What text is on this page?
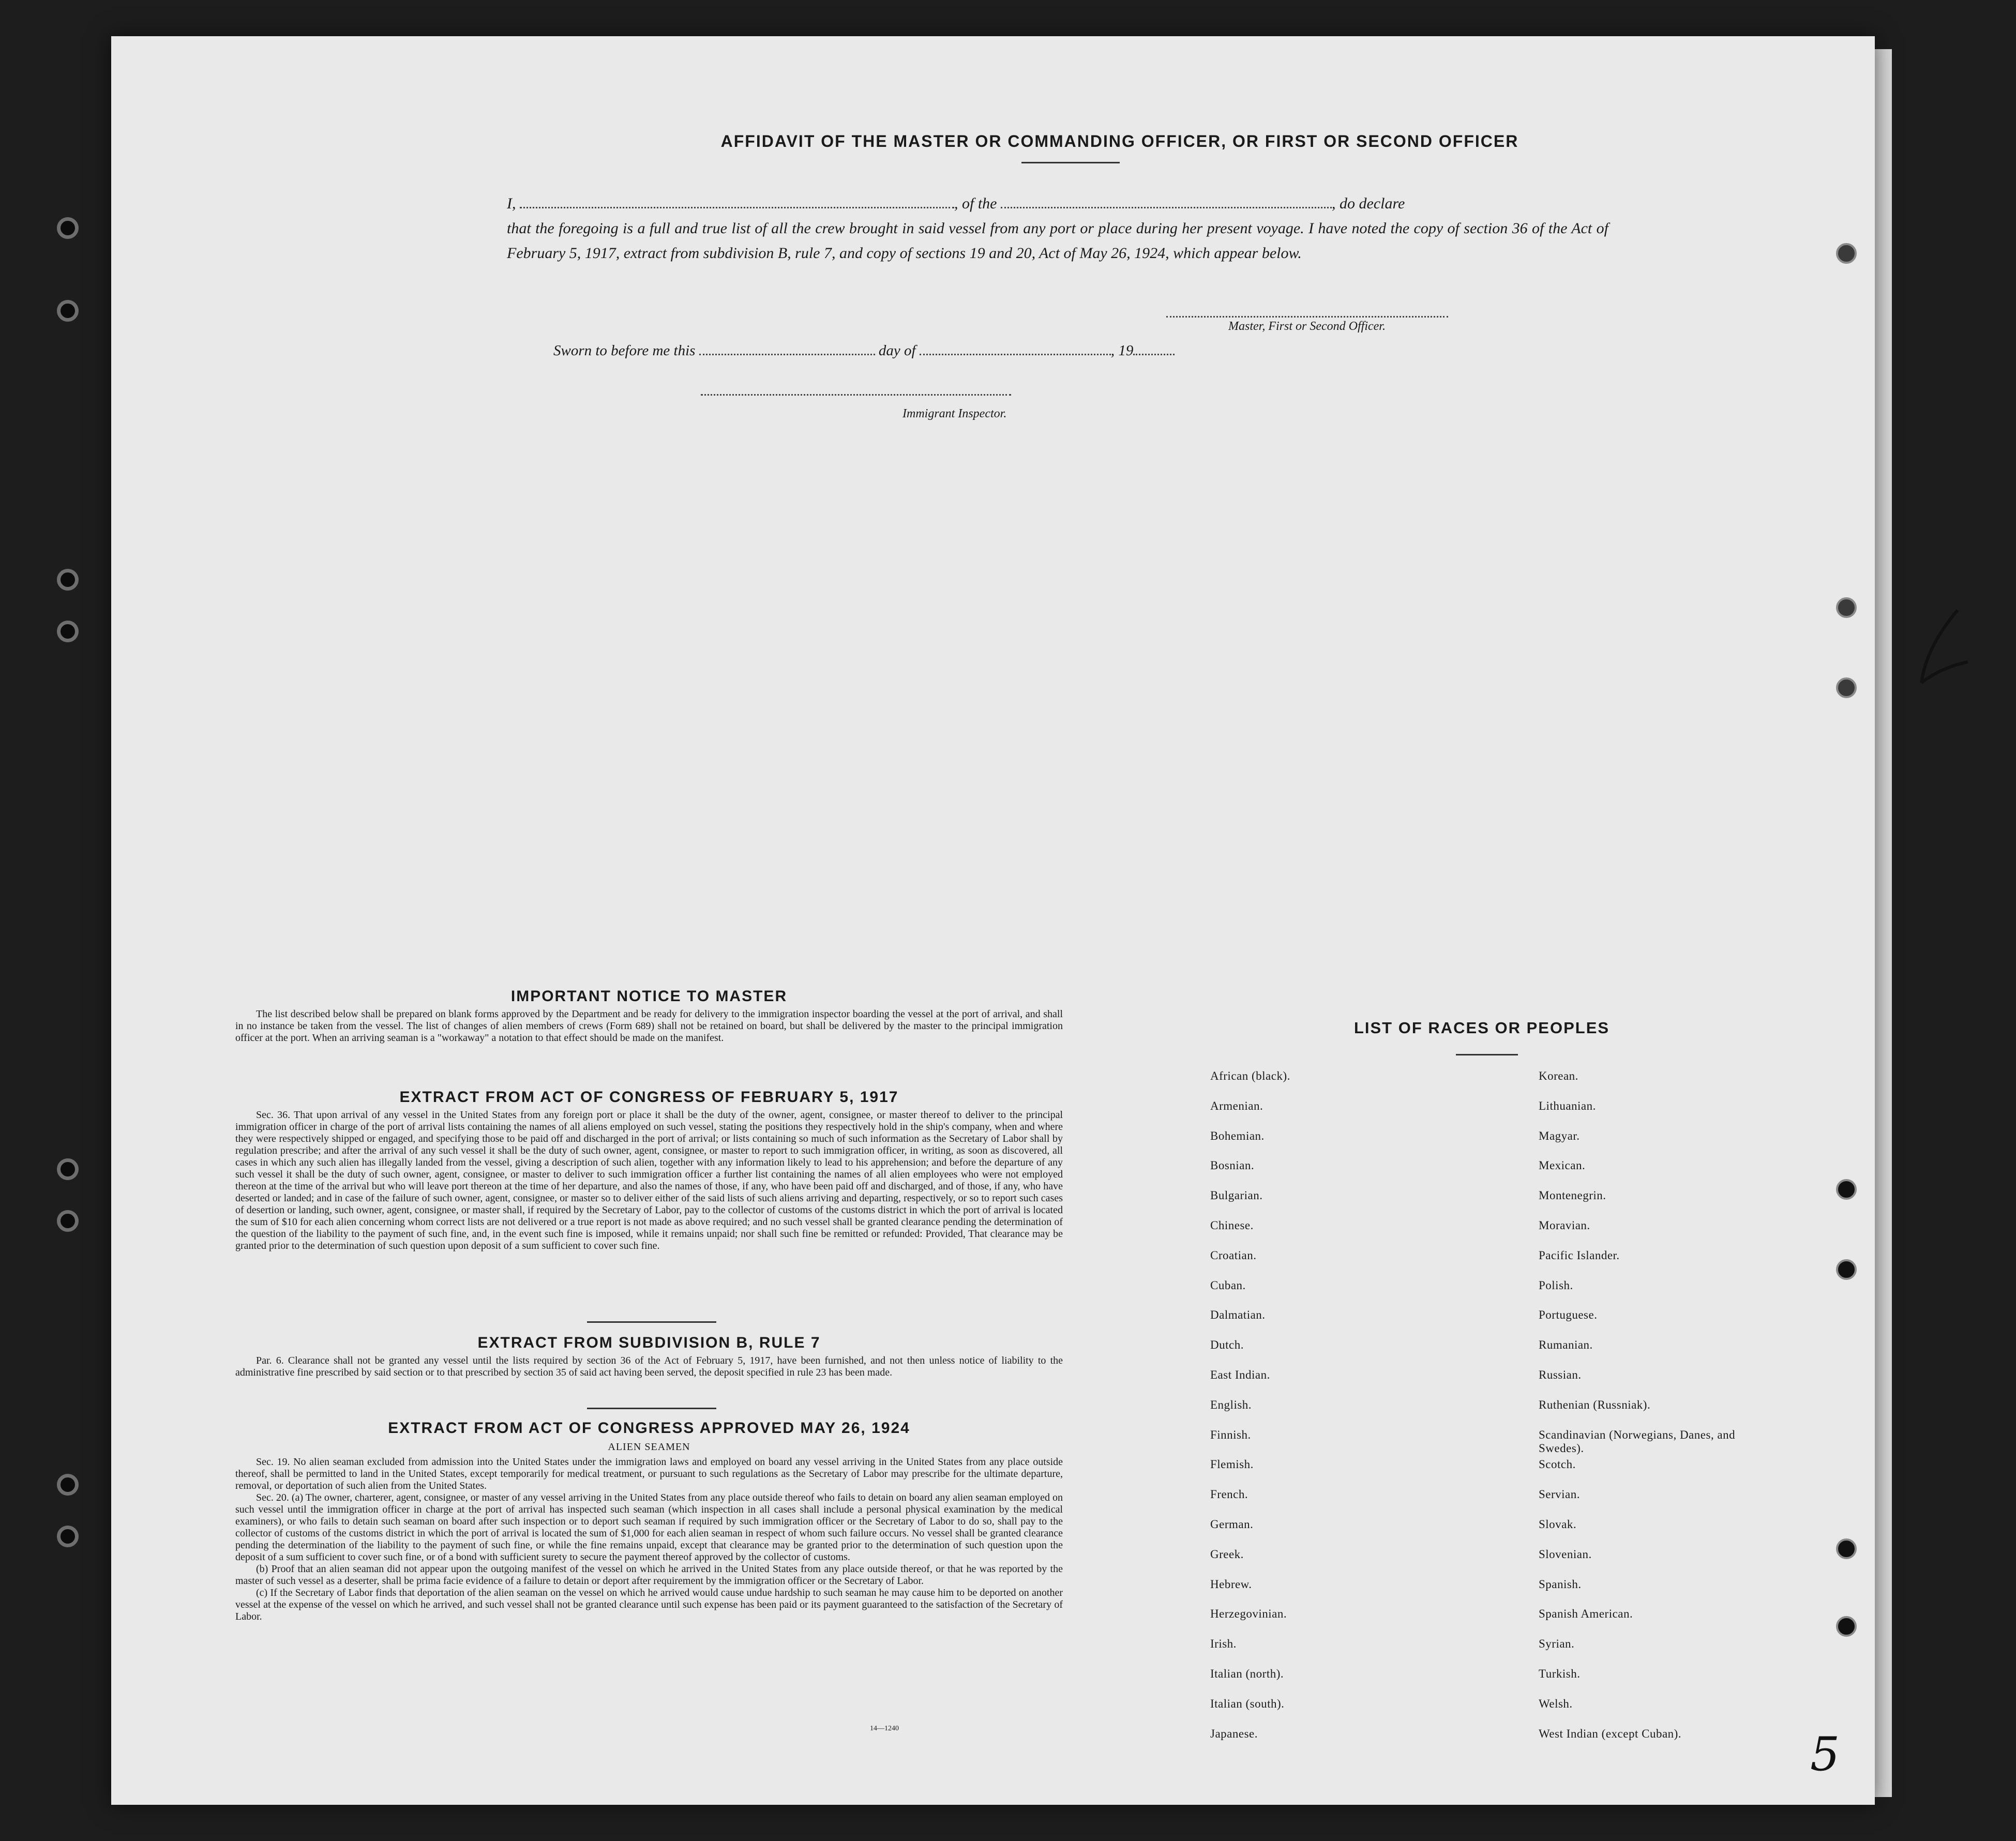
AFFIDAVIT OF THE MASTER OR COMMANDING OFFICER, OR FIRST OR SECOND OFFICER
I,	, of the	, do declare
that the foregoing is a full and true list of all the crew brought in said vessel from any port or place during her present voyage. I have noted the copy of section 36 of the Act of February 5, 1917, extract from subdivision B, rule 7, and copy of sections 19 and 20, Act of May 26, 1924, which appear below.
Master, First or Second Officer.
Sworn to before me this	day of	, 19
Immigrant Inspector.
IMPORTANT NOTICE TO MASTER

The list described below shall be prepared on blank forms approved by the Department and be ready for delivery to the immigration inspector boarding the vessel at the port of arrival, and shall in no instance be taken from the vessel. The list of changes of alien members of crews (Form 689) shall not be retained on board, but shall be delivered by the master to the principal immigration officer at the port. When an arriving seaman is a "workaway" a notation to that effect should be made on the manifest.

EXTRACT FROM ACT OF CONGRESS OF FEBRUARY 5, 1917

Sec. 36. That upon arrival of any vessel in the United States from any foreign port or place it shall be the duty of the owner, agent, consignee, or master thereof to deliver to the principal immigration officer in charge of the port of arrival lists containing the names of all aliens employed on such vessel, stating the positions they respectively hold in the ship's company, when and where they were respectively shipped or engaged, and specifying those to be paid off and discharged in the port of arrival; or lists containing so much of such information as the Secretary of Labor shall by regulation prescribe; and after the arrival of any such vessel it shall be the duty of such owner, agent, consignee, or master to report to such immigration officer, in writing, as soon as discovered, all cases in which any such alien has illegally landed from the vessel, giving a description of such alien, together with any information likely to lead to his apprehension; and before the departure of any such vessel it shall be the duty of such owner, agent, consignee, or master to deliver to such immigration officer a further list containing the names of all alien employees who were not employed thereon at the time of the arrival but who will leave port thereon at the time of her departure, and also the names of those, if any, who have been paid off and discharged, and of those, if any, who have deserted or landed; and in case of the failure of such owner, agent, consignee, or master so to deliver either of the said lists of such aliens arriving and departing, respectively, or so to report such cases of desertion or landing, such owner, agent, consignee, or master shall, if required by the Secretary of Labor, pay to the collector of customs of the customs district in which the port of arrival is located the sum of $10 for each alien concerning whom correct lists are not delivered or a true report is not made as above required; and no such vessel shall be granted clearance pending the determination of the question of the liability to the payment of such fine, and, in the event such fine is imposed, while it remains unpaid; nor shall such fine be remitted or refunded: Provided, That clearance may be granted prior to the determination of such question upon deposit of a sum sufficient to cover such fine.

EXTRACT FROM SUBDIVISION B, RULE 7

Par. 6. Clearance shall not be granted any vessel until the lists required by section 36 of the Act of February 5, 1917, have been furnished, and not then unless notice of liability to the administrative fine prescribed by said section or to that prescribed by section 35 of said act having been served, the deposit specified in rule 23 has been made.

EXTRACT FROM ACT OF CONGRESS APPROVED MAY 26, 1924
ALIEN SEAMEN

Sec. 19. No alien seaman excluded from admission into the United States under the immigration laws and employed on board any vessel arriving in the United States from any place outside thereof, shall be permitted to land in the United States, except temporarily for medical treatment, or pursuant to such regulations as the Secretary of Labor may prescribe for the ultimate departure, removal, or deportation of such alien from the United States.

Sec. 20. (a) The owner, charterer, agent, consignee, or master of any vessel arriving in the United States from any place outside thereof who fails to detain on board any alien seaman employed on such vessel until the immigration officer in charge at the port of arrival has inspected such seaman (which inspection in all cases shall include a personal physical examination by the medical examiners), or who fails to detain such seaman on board after such inspection or to deport such seaman if required by such immigration officer or the Secretary of Labor to do so, shall pay to the collector of customs of the customs district in which the port of arrival is located the sum of $1,000 for each alien seaman in respect of whom such failure occurs. No vessel shall be granted clearance pending the determination of the liability to the payment of such fine, or while the fine remains unpaid, except that clearance may be granted prior to the determination of such question upon the deposit of a sum sufficient to cover such fine, or of a bond with sufficient surety to secure the payment thereof approved by the collector of customs.

(b) Proof that an alien seaman did not appear upon the outgoing manifest of the vessel on which he arrived in the United States from any place outside thereof, or that he was reported by the master of such vessel as a deserter, shall be prima facie evidence of a failure to detain or deport after requirement by the immigration officer or the Secretary of Labor.

(c) If the Secretary of Labor finds that deportation of the alien seaman on the vessel on which he arrived would cause undue hardship to such seaman he may cause him to be deported on another vessel at the expense of the vessel on which he arrived, and such vessel shall not be granted clearance until such expense has been paid or its payment guaranteed to the satisfaction of the Secretary of Labor.

14—1240
LIST OF RACES OR PEOPLES
African (black).	Korean.
Armenian.	Lithuanian.
Bohemian.	Magyar.
Bosnian.	Mexican.
Bulgarian.	Montenegrin.
Chinese.	Moravian.
Croatian.	Pacific Islander.
Cuban.	Polish.
Dalmatian.	Portuguese.
Dutch.	Rumanian.
East Indian.	Russian.
English.	Ruthenian (Russniak).
Finnish.	Scandinavian (Norwegians, Danes, and Swedes).
Flemish.	Scotch.
French.	Servian.
German.	Slovak.
Greek.	Slovenian.
Hebrew.	Spanish.
Herzegovinian.	Spanish American.
Irish.	Syrian.
Italian (north).	Turkish.
Italian (south).	Welsh.
Japanese.	West Indian (except Cuban).	5
